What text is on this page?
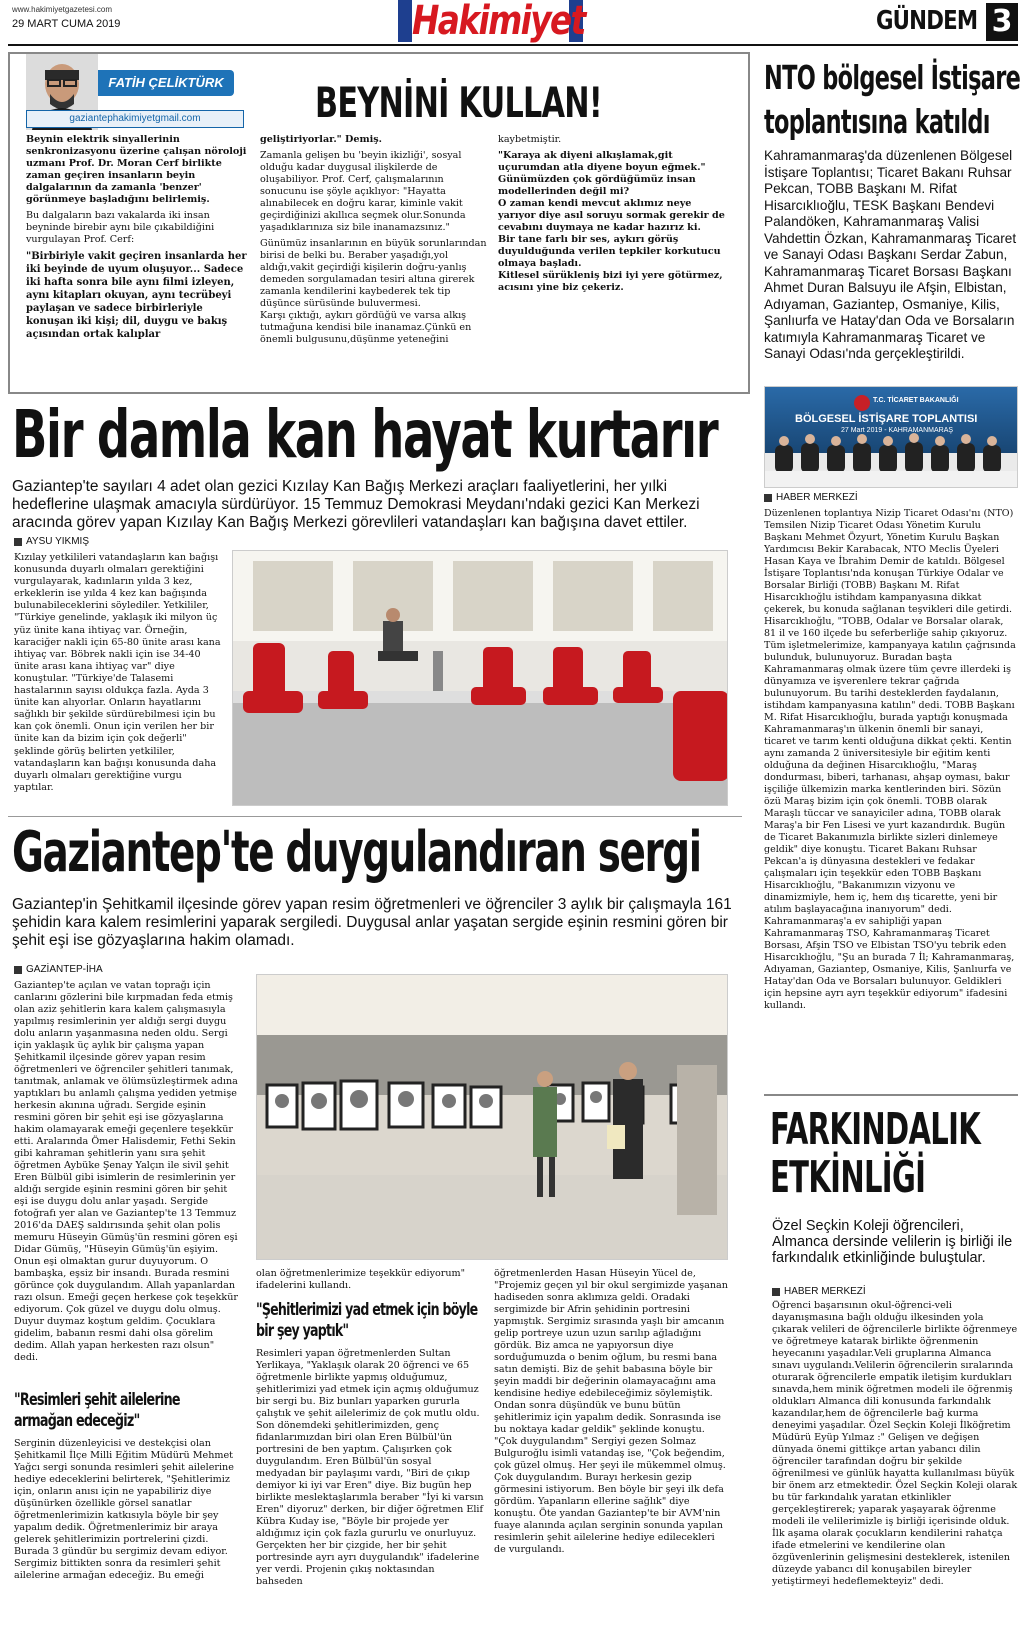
www.hakimiyetgazetesi.com
29 MART CUMA 2019	Hakimiyet	GÜNDEM 3
FATİH ÇELİKTÜRK
gaziantephakimiyetgmail.com	BEYNİNİ KULLAN!

Beynin elektrik sinyallerinin senkronizasyonu üzerine çalışan nöroloji uzmanı Prof. Dr. Moran Cerf birlikte zaman geçiren insanların beyin dalgalarının da zamanla 'benzer' görünmeye başladığını belirlemiş.

Bu dalgaların bazı vakalarda iki insan beyninde birebir aynı bile çıkabildiğini vurgulayan Prof. Cerf:

"Birbiriyle vakit geçiren insanlarda her iki beyinde de uyum oluşuyor... Sadece iki hafta sonra bile aynı filmi izleyen, aynı kitapları okuyan, aynı tecrübeyi paylaşan ve sadece birbirleriyle konuşan iki kişi; dil, duygu ve bakış açısından ortak kalıplar

geliştiriyorlar." Demiş.

Zamanla gelişen bu 'beyin ikizliği', sosyal olduğu kadar duygusal ilişkilerde de oluşabiliyor. Prof. Cerf, çalışmalarının sonucunu ise şöyle açıklıyor: "Hayatta alınabilecek en doğru karar, kiminle vakit geçirdiğinizi akıllıca seçmek olur.Sonunda yaşadıklarınıza siz bile inanamazsınız."

Günümüz insanlarının en büyük sorunlarından birisi de belki bu. Beraber yaşadığı,yol aldığı,vakit geçirdiği kişilerin doğru-yanlış demeden sorgulamadan tesiri altına girerek zamanla kendilerini kaybederek tek tip düşünce sürüsünde buluvermesi.

Karşı çıktığı, aykırı gördüğü ve varsa alkış tutmağuna kendisi bile inanamaz.Çünkü en önemli bulgusunu,düşünme yeteneğini

kaybetmiştir.

"Karaya ak diyeni alkışlamak,git uçurumdan atla diyene boyun eğmek." Günümüzden çok gördüğümüz insan modellerinden değil mi?

O zaman kendi mevcut aklımız neye yarıyor diye asıl soruyu sormak gerekir de cevabını duymaya ne kadar hazırız ki.

Bir tane farlı bir ses, aykırı görüş duyulduğunda verilen tepkiler korkutucu olmaya başladı.

Kitlesel sürükleniş bizi iyi yere götürmez, acısını yine biz çekeriz.

NTO bölgesel İstişare
toplantısına katıldı
Kahramanmaraş'da düzenlenen Bölgesel İstişare Toplantısı; Ticaret Bakanı Ruhsar Pekcan, TOBB Başkanı M. Rifat Hisarcıklıoğlu, TESK Başkanı Bendevi Palandöken, Kahramanmaraş Valisi Vahdettin Özkan, Kahramanmaraş Ticaret ve Sanayi Odası Başkanı Serdar Zabun, Kahramanmaraş Ticaret Borsası Başkanı Ahmet Duran Balsuyu ile Afşin, Elbistan, Adıyaman, Gaziantep, Osmaniye, Kilis, Şanlıurfa ve Hatay'dan Oda ve Borsaların katımıyla Kahramanmaraş Ticaret ve Sanayi Odası'nda gerçekleştirildi.
T.C. TİCARET BAKANLIĞI
BÖLGESEL İSTİŞARE TOPLANTISI
27 Mart 2019 - KAHRAMANMARAŞ
HABER MERKEZİ
Düzenlenen toplantıya Nizip Ticaret Odası'nı (NTO) Temsilen Nizip Ticaret Odası Yönetim Kurulu Başkanı Mehmet Özyurt, Yönetim Kurulu Başkan Yardımcısı Bekir Karabacak, NTO Meclis Üyeleri Hasan Kaya ve İbrahim Demir de katıldı. Bölgesel İstişare Toplantısı'nda konuşan Türkiye Odalar ve Borsalar Birliği (TOBB) Başkanı M. Rifat Hisarcıklıoğlu istihdam kampanyasına dikkat çekerek, bu konuda sağlanan teşvikleri dile getirdi. Hisarcıklıoğlu, "TOBB, Odalar ve Borsalar olarak, 81 il ve 160 ilçede bu seferberliğe sahip çıkıyoruz. Tüm işletmelerimize, kampanyaya katılın çağrısında bulunduk, bulunuyoruz. Buradan başta Kahramanmaraş olmak üzere tüm çevre illerdeki iş dünyamıza ve işverenlere tekrar çağrıda bulunuyorum. Bu tarihi desteklerden faydalanın, istihdam kampanyasına katılın" dedi. TOBB Başkanı M. Rifat Hisarcıklıoğlu, burada yaptığı konuşmada Kahramanmaraş'ın ülkenin önemli bir sanayi, ticaret ve tarım kenti olduğuna dikkat çekti. Kentin aynı zamanda 2 üniversitesiyle bir eğitim kenti olduğuna da değinen Hisarcıklıoğlu, "Maraş dondurması, biberi, tarhanası, ahşap oyması, bakır işçiliğe ülkemizin marka kentlerinden biri. Sözün özü Maraş bizim için çok önemli. TOBB olarak Maraşlı tüccar ve sanayiciler adına, TOBB olarak Maraş'a bir Fen Lisesi ve yurt kazandırdık. Bugün de Ticaret Bakanımızla birlikte sizleri dinlemeye geldik" diye konuştu. Ticaret Bakanı Ruhsar Pekcan'a iş dünyasına destekleri ve fedakar çalışmaları için teşekkür eden TOBB Başkanı Hisarcıklıoğlu, "Bakanımızın vizyonu ve dinamizmiyle, hem iç, hem dış ticarette, yeni bir atılım başlayacağına inanıyorum" dedi. Kahramanmaraş'a ev sahipliği yapan Kahramanmaraş TSO, Kahramanmaraş Ticaret Borsası, Afşin TSO ve Elbistan TSO'yu tebrik eden Hisarcıklıoğlu, "Şu an burada 7 İl; Kahramanmaraş, Adıyaman, Gaziantep, Osmaniye, Kilis, Şanlıurfa ve Hatay'dan Oda ve Borsaları bulunuyor. Geldikleri için hepsine ayrı ayrı teşekkür ediyorum" ifadesini kullandı.
Bir damla kan hayat kurtarır
Gaziantep'te sayıları 4 adet olan gezici Kızılay Kan Bağış Merkezi araçları faaliyetlerini, her yılki hedeflerine ulaşmak amacıyla sürdürüyor. 15 Temmuz Demokrasi Meydanı'ndaki gezici Kan Merkezi aracında görev yapan Kızılay Kan Bağış Merkezi görevlileri vatandaşları kan bağışına davet ettiler.
AYSU YIKMIŞ
Kızılay yetkilileri vatandaşların kan bağışı konusunda duyarlı olmaları gerektiğini vurgulayarak, kadınların yılda 3 kez, erkeklerin ise yılda 4 kez kan bağışında bulunabileceklerini söylediler. Yetkililer, "Türkiye genelinde, yaklaşık iki milyon üç yüz ünite kana ihtiyaç var. Örneğin, karaciğer nakli için 65-80 ünite arası kana ihtiyaç var. Böbrek nakli için ise 34-40 ünite arası kana ihtiyaç var" diye konuştular. "Türkiye'de Talasemi hastalarının sayısı oldukça fazla. Ayda 3 ünite kan alıyorlar. Onların hayatlarını sağlıklı bir şekilde sürdürebilmesi için bu kan çok önemli. Onun için verilen her bir ünite kan da bizim için çok değerli" şeklinde görüş belirten yetkililer, vatandaşların kan bağışı konusunda daha duyarlı olmaları gerektiğine vurgu yaptılar.
Gaziantep'te duygulandıran sergi
Gaziantep'in Şehitkamil ilçesinde görev yapan resim öğretmenleri ve öğrenciler 3 aylık bir çalışmayla 161 şehidin kara kalem resimlerini yaparak sergiledi. Duygusal anlar yaşatan sergide eşinin resmini gören bir şehit eşi ise gözyaşlarına hakim olamadı.
GAZİANTEP-İHA
Gaziantep'te açılan ve vatan toprağı için canlarını gözlerini bile kırpmadan feda etmiş olan aziz şehitlerin kara kalem çalışmasıyla yapılmış resimlerinin yer aldığı sergi duygu dolu anların yaşanmasına neden oldu. Sergi için yaklaşık üç aylık bir çalışma yapan Şehitkamil ilçesinde görev yapan resim öğretmenleri ve öğrenciler şehitleri tanımak, tanıtmak, anlamak ve ölümsüzleştirmek adına yaptıkları bu anlamlı çalışma yediden yetmişe herkesin akınına uğradı. Sergide eşinin resmini gören bir şehit eşi ise gözyaşlarına hakim olamayarak emeği geçenlere teşekkür etti. Aralarında Ömer Halisdemir, Fethi Sekin gibi kahraman şehitlerin yanı sıra şehit öğretmen Aybüke Şenay Yalçın ile sivil şehit Eren Bülbül gibi isimlerin de resimlerinin yer aldığı sergide eşinin resmini gören bir şehit eşi ise duygu dolu anlar yaşadı. Sergide fotoğrafı yer alan ve Gaziantep'te 13 Temmuz 2016'da DAEŞ saldırısında şehit olan polis memuru Hüseyin Gümüş'ün resmini gören eşi Didar Gümüş, "Hüseyin Gümüş'ün eşiyim. Onun eşi olmaktan gurur duyuyorum. O bambaşka, eşsiz bir insandı. Burada resmini görünce çok duygulandım. Allah yapanlardan razı olsun. Emeği geçen herkese çok teşekkür ediyorum. Çok güzel ve duygu dolu olmuş. Duyur duymaz koştum geldim. Çocuklara gidelim, babanın resmi dahi olsa görelim dedim. Allah yapan herkesten razı olsun" dedi.
"Resimleri şehit ailelerine armağan edeceğiz"
Serginin düzenleyicisi ve destekçisi olan Şehitkamil İlçe Milli Eğitim Müdürü Mehmet Yağcı sergi sonunda resimleri şehit ailelerine hediye edeceklerini belirterek, "Şehitlerimiz için, onların anısı için ne yapabiliriz diye düşünürken özellikle görsel sanatlar öğretmenlerimizin katkısıyla böyle bir şey yapalım dedik. Öğretmenlerimiz bir araya gelerek şehitlerimizin portrelerini çizdi. Burada 3 gündür bu sergimiz devam ediyor. Sergimiz bittikten sonra da resimleri şehit ailelerine armağan edeceğiz. Bu emeği
olan öğretmenlerimize teşekkür ediyorum" ifadelerini kullandı.
"Şehitlerimizi yad etmek için böyle bir şey yaptık"
Resimleri yapan öğretmenlerden Sultan Yerlikaya, "Yaklaşık olarak 20 öğrenci ve 65 öğretmenle birlikte yapmış olduğumuz, şehitlerimizi yad etmek için açmış olduğumuz bir sergi bu. Biz bunları yaparken gururla çalıştık ve şehit ailelerimiz de çok mutlu oldu. Son dönemdeki şehitlerimizden, genç fidanlarımızdan biri olan Eren Bülbül'ün portresini de ben yaptım. Çalışırken çok duygulandım. Eren Bülbül'ün sosyal medyadan bir paylaşımı vardı, "Biri de çıkıp demiyor ki iyi var Eren" diye. Biz bugün hep birlikte meslektaşlarımla beraber "İyi ki varsın Eren" diyoruz" derken, bir diğer öğretmen Elif Kübra Kuday ise, "Böyle bir projede yer aldığımız için çok fazla gururlu ve onurluyuz. Gerçekten her bir çizgide, her bir şehit portresinde ayrı ayrı duygulandık" ifadelerine yer verdi. Projenin çıkış noktasından bahseden
öğretmenlerden Hasan Hüseyin Yücel de, "Projemiz geçen yıl bir okul sergimizde yaşanan hadiseden sonra aklımıza geldi. Oradaki sergimizde bir Afrin şehidinin portresini yapmıştık. Sergimiz sırasında yaşlı bir amcanın gelip portreye uzun uzun sarılıp ağladığını gördük. Biz amca ne yapıyorsun diye sorduğumuzda o benim oğlum, bu resmi bana satın demişti. Biz de şehit babasına böyle bir şeyin maddi bir değerinin olamayacağını ama kendisine hediye edebileceğimiz söylemiştik. Ondan sonra düşündük ve bunu bütün şehitlerimiz için yapalım dedik. Sonrasında ise bu noktaya kadar geldik" şeklinde konuştu. "Çok duygulandım" Sergiyi gezen Solmaz Bulguroğlu isimli vatandaş ise, "Çok beğendim, çok güzel olmuş. Her şeyi ile mükemmel olmuş. Çok duygulandım. Burayı herkesin gezip görmesini istiyorum. Ben böyle bir şeyi ilk defa gördüm. Yapanların ellerine sağlık" diye konuştu. Öte yandan Gaziantep'te bir AVM'nin fuaye alanında açılan serginin sonunda yapılan resimlerin şehit ailelerine hediye edilecekleri de vurgulandı.
FARKINDALIK
ETKİNLİĞİ
Özel Seçkin Koleji öğrencileri, Almanca dersinde velilerin iş birliği ile farkındalık etkinliğinde buluştular.
HABER MERKEZİ
Öğrenci başarısının okul-öğrenci-veli dayanışmasına bağlı olduğu ilkesinden yola çıkarak velileri de öğrencilerle birlikte öğrenmeye ve öğretmeye katarak birlikte öğrenmenin heyecanını yaşadılar.Veli gruplarına Almanca sınavı uygulandı.Velilerin öğrencilerin sıralarında oturarak öğrencilerle empatik iletişim kurdukları sınavda,hem minik öğretmen modeli ile öğrenmiş oldukları Almanca dili konusunda farkındalık kazandılar,hem de öğrencilerle bağ kurma deneyimi yaşadılar. Özel Seçkin Koleji İlköğretim Müdürü Eyüp Yılmaz :" Gelişen ve değişen dünyada önemi gittikçe artan yabancı dilin öğrenciler tarafından doğru bir şekilde öğrenilmesi ve günlük hayatta kullanılması büyük bir önem arz etmektedir. Özel Seçkin Koleji olarak bu tür farkındalık yaratan etkinlikler gerçekleştirerek; yaparak yaşayarak öğrenme modeli ile velilerimizle iş birliği içerisinde olduk. İlk aşama olarak çocukların kendilerini rahatça ifade etmelerini ve kendilerine olan özgüvenlerinin gelişmesini desteklerek, istenilen düzeyde yabancı dil konuşabilen bireyler yetiştirmeyi hedeflemekteyiz" dedi.
